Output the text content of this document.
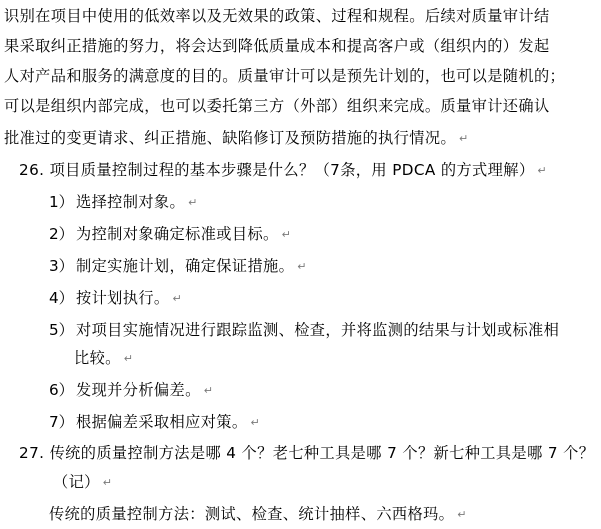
识别在项目中使用的低效率以及无效果的政策、过程和规程。后续对质量审计结
果采取纠正措施的努力，将会达到降低质量成本和提高客户或（组织内的）发起
人对产品和服务的满意度的目的。质量审计可以是预先计划的，也可以是随机的；
可以是组织内部完成，也可以委托第三方（外部）组织来完成。质量审计还确认
批准过的变更请求、纠正措施、缺陷修订及预防措施的执行情况。 ↵
26. 项目质量控制过程的基本步骤是什么？（7条，用 PDCA 的方式理解） ↵
1） 选择控制对象。 ↵
2） 为控制对象确定标准或目标。 ↵
3） 制定实施计划，确定保证措施。 ↵
4） 按计划执行。 ↵
5） 对项目实施情况进行跟踪监测、检查，并将监测的结果与计划或标准相
比较。 ↵
6） 发现并分析偏差。 ↵
7） 根据偏差采取相应对策。 ↵
27. 传统的质量控制方法是哪 4 个？老七种工具是哪 7 个？新七种工具是哪 7 个？
（记） ↵
传统的质量控制方法：测试、检查、统计抽样、六西格玛。 ↵
